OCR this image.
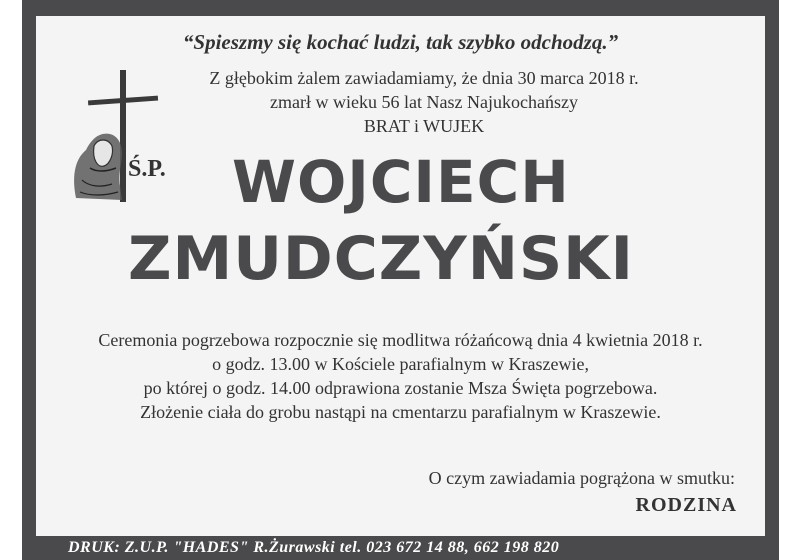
“Spieszmy się kochać ludzi, tak szybko odchodzą.”

Z głębokim żalem zawiadamiamy, że dnia 30 marca 2018 r.

zmarł w wieku 56 lat Nasz Najukochańszy

BRAT i WUJEK

Ś.P. WOJCIECH

ZMUDCZYŃSKI

Ceremonia pogrzebowa rozpocznie się modlitwa różańcową dnia 4 kwietnia 2018 r.

o godz. 13.00 w Kościele parafialnym w Kraszewie,

po której o godz. 14.00 odprawiona zostanie Msza Święta pogrzebowa.

Złożenie ciała do grobu nastąpi na cmentarzu parafialnym w Kraszewie.

O czym zawiadamia pogrążona w smutku:

RODZINA

DRUK: Z.U.P. "HADES" R.Żurawski tel. 023 672 14 88, 662 198 820
